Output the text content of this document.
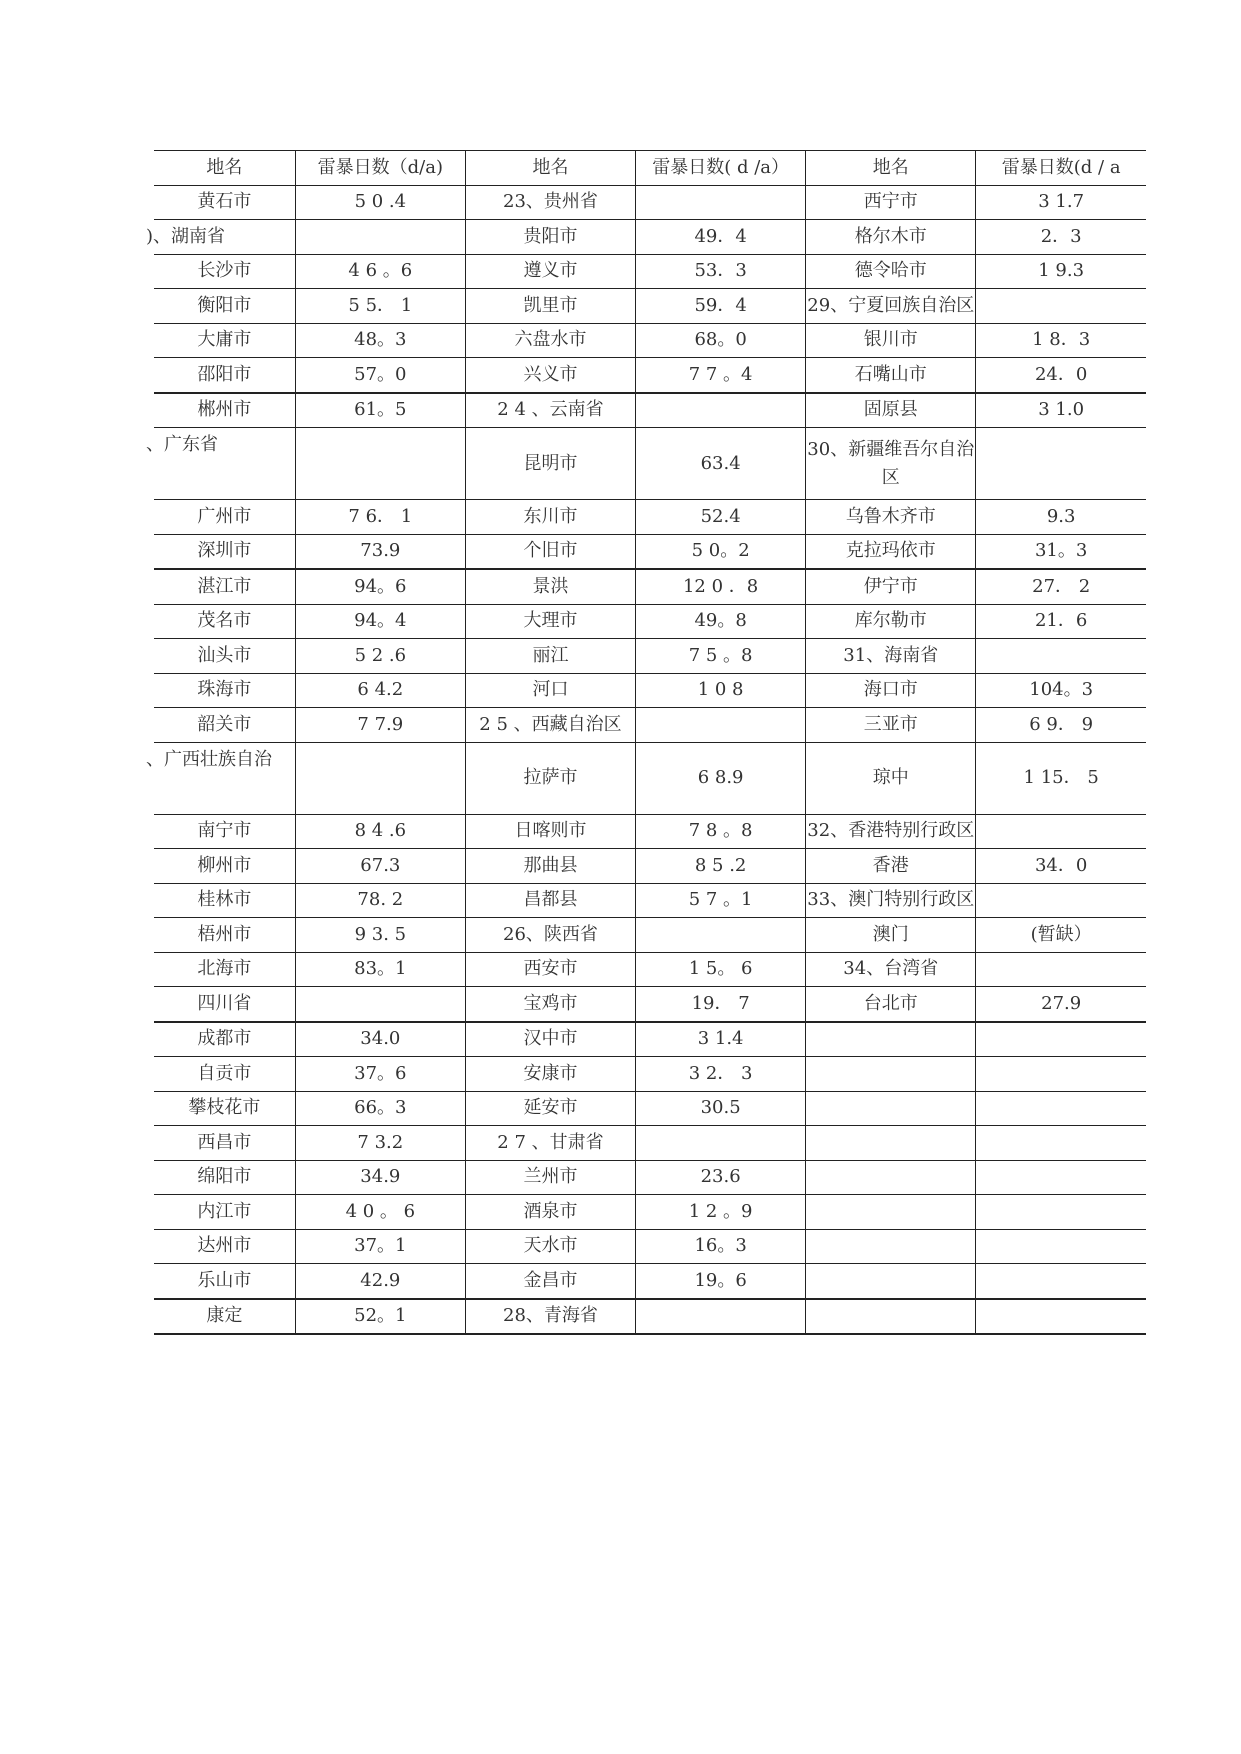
地名	雷暴日数（d/a)	地名	雷暴日数( d /a）	地名	雷暴日数(d / a
黄石市	5 0 .4	23、贵州省		西宁市	3 1.7
)、湖南省		贵阳市	49．4	格尔木市	2．3
长沙市	4 6 。6	遵义市	53．3	德令哈市	1 9.3
衡阳市	5 5． 1	凯里市	59．4	29、宁夏回族自治区	
大庸市	48。3	六盘水市	68。0	银川市	1 8．3
邵阳市	57。0	兴义市	7 7 。4	石嘴山市	24．0
郴州市	61。5	2 4 、云南省		固原县	3 1.0
、广东省		昆明市	63.4	30、新疆维吾尔自治区	
广州市	7 6． 1	东川市	52.4	乌鲁木齐市	9.3
深圳市	73.9	个旧市	5 0。2	克拉玛依市	31。3
湛江市	94。6	景洪	12 0 ．8	伊宁市	27． 2
茂名市	94。4	大理市	49。8	库尔勒市	21．6
汕头市	5 2 .6	丽江	7 5 。8	31、海南省	
珠海市	6 4.2	河口	1 0 8	海口市	104。3
韶关市	7 7.9	2 5 、西藏自治区		三亚市	6 9． 9
、广西壮族自治		拉萨市	6 8.9	琼中	1 15． 5
南宁市	8 4 .6	日喀则市	7 8 。8	32、香港特别行政区	
柳州市	67.3	那曲县	8 5 .2	香港	34．0
桂林市	78. 2	昌都县	5 7 。1	33、澳门特别行政区	
梧州市	9 3. 5	26、陕西省		澳门	(暂缺）
北海市	83。1	西安市	1 5。 6	34、台湾省	
四川省		宝鸡市	19． 7	台北市	27.9
成都市	34.0	汉中市	3 1.4		
自贡市	37。6	安康市	3 2． 3		
攀枝花市	66。3	延安市	30.5		
西昌市	7 3.2	2 7 、甘肃省			
绵阳市	34.9	兰州市	23.6		
内江市	4 0 。 6	酒泉市	1 2 。9		
达州市	37。1	天水市	16。3		
乐山市	42.9	金昌市	19。6		
康定	52。1	28、青海省			
